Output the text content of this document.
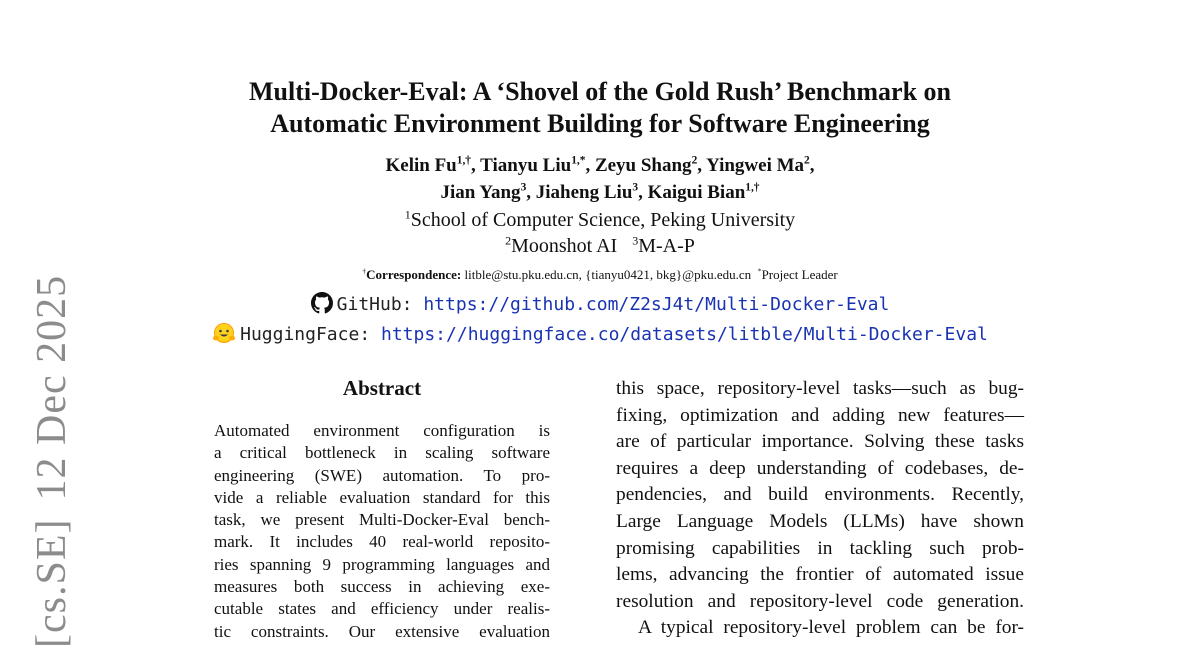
[cs.SE]12 Dec 2025
Multi-Docker-Eval: A ‘Shovel of the Gold Rush’ Benchmark on
Automatic Environment Building for Software Engineering
Kelin $Fu^{1,\dagger}$, Tianyu Liu$^{1,*}$, Zeyu Shang$^2$, Yingwei Ma$^2$,
Jian Yang$^3$, Jiaheng Liu$^3$, Kaigui Bian$^{1,\dagger}$
$^1$School of Computer Science, Peking University
$^2$Moonshot AI $^3$M-A-P
†Correspondence: litble@stu.pku.edu.cn, {tianyu0421, bkg}@pku.edu.cn *Project Leader
GitHub: https://github.com/Z2sJ4t/Multi-Docker-Eval
HuggingFace: https://huggingface.co/datasets/litble/Multi-Docker-Eval
Abstract
Automated environment configuration is
a critical bottleneck in scaling software
engineering (SWE) automation. To pro-
vide a reliable evaluation standard for this
task, we present Multi-Docker-Eval bench-
mark. It includes 40 real-world reposito-
ries spanning 9 programming languages and
measures both success in achieving exe-
cutable states and efficiency under realis-
tic constraints. Our extensive evaluation
this space, repository-level tasks—such as bug-
fixing, optimization and adding new features—
are of particular importance. Solving these tasks
requires a deep understanding of codebases, de-
pendencies, and build environments. Recently,
Large Language Models (LLMs) have shown
promising capabilities in tackling such prob-
lems, advancing the frontier of automated issue
resolution and repository-level code generation.
A typical repository-level problem can be for-
